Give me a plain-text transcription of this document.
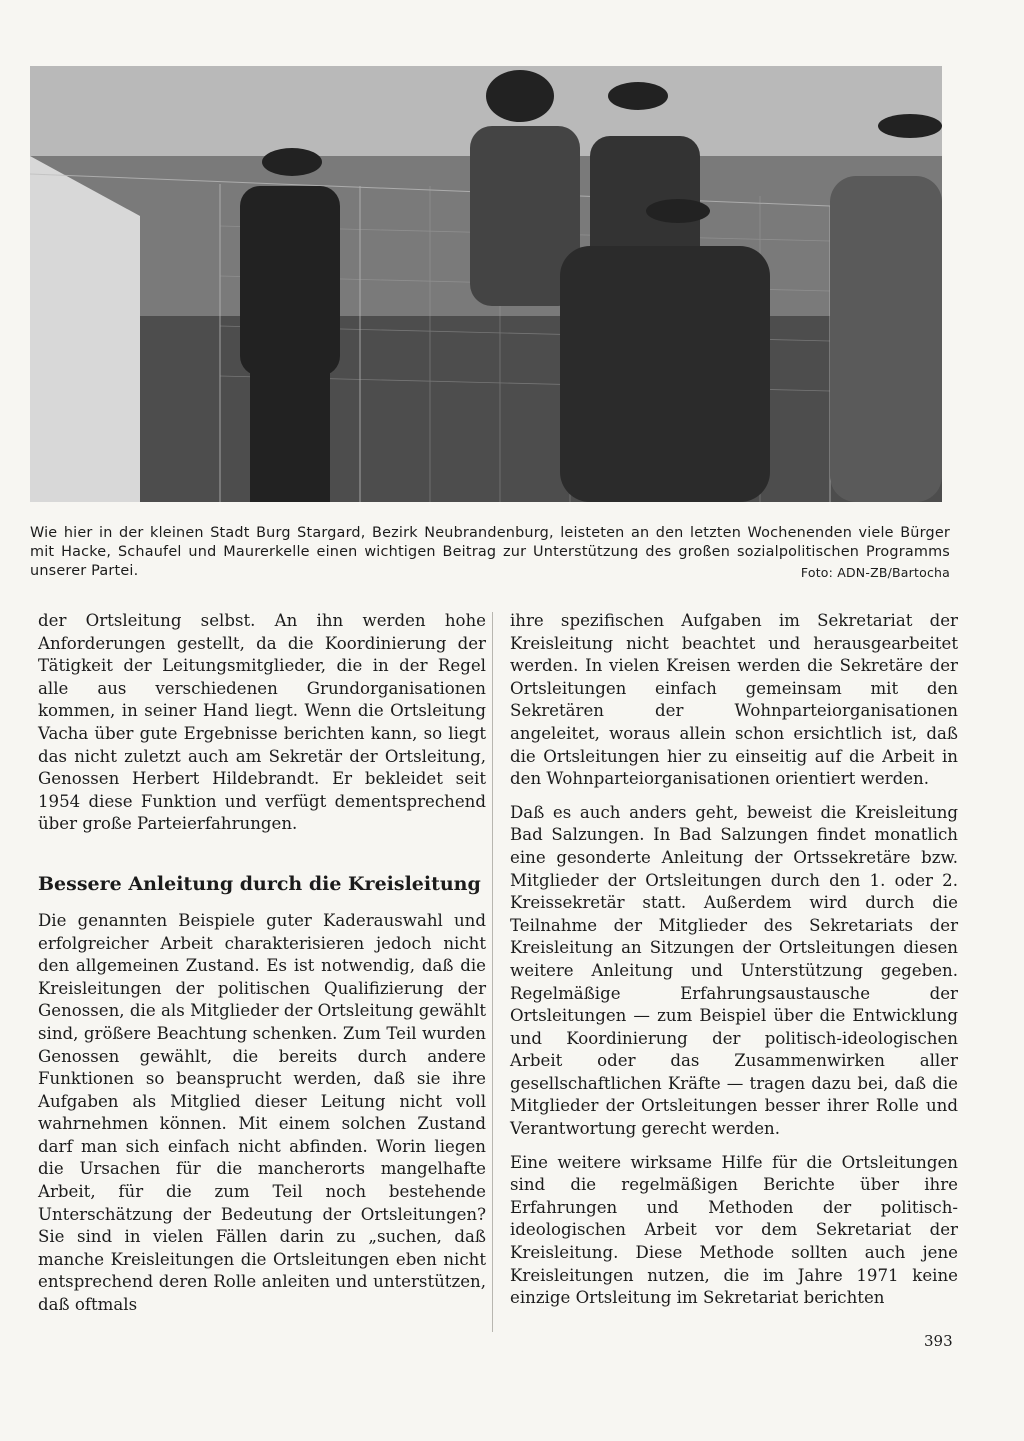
Wie hier in der kleinen Stadt Burg Stargard, Bezirk Neubrandenburg, leisteten an den letzten Wochenenden viele Bürger mit Hacke, Schaufel und Maurerkelle einen wichtigen Beitrag zur Unterstützung des großen sozialpolitischen Programms unserer Partei.	Foto: ADN-ZB/Bartocha

der Ortsleitung selbst. An ihn werden hohe Anforderungen gestellt, da die Koordinierung der Tätigkeit der Leitungsmitglieder, die in der Regel alle aus verschiedenen Grundorganisationen kommen, in seiner Hand liegt. Wenn die Ortsleitung Vacha über gute Ergebnisse berichten kann, so liegt das nicht zuletzt auch am Sekretär der Ortsleitung, Genossen Herbert Hildebrandt. Er bekleidet seit 1954 diese Funktion und verfügt dementsprechend über große Parteierfahrungen.

Bessere Anleitung durch die Kreisleitung

Die genannten Beispiele guter Kaderauswahl und erfolgreicher Arbeit charakterisieren jedoch nicht den allgemeinen Zustand. Es ist notwendig, daß die Kreisleitungen der politischen Qualifizierung der Genossen, die als Mitglieder der Ortsleitung gewählt sind, größere Beachtung schenken. Zum Teil wurden Genossen gewählt, die bereits durch andere Funktionen so beansprucht werden, daß sie ihre Aufgaben als Mitglied dieser Leitung nicht voll wahrnehmen können. Mit einem solchen Zustand darf man sich einfach nicht abfinden. Worin liegen die Ursachen für die mancherorts mangelhafte Arbeit, für die zum Teil noch bestehende Unterschätzung der Bedeutung der Ortsleitungen? Sie sind in vielen Fällen darin zu „suchen, daß manche Kreisleitungen die Ortsleitungen eben nicht entsprechend deren Rolle anleiten und unterstützen, daß oftmals

ihre spezifischen Aufgaben im Sekretariat der Kreisleitung nicht beachtet und herausgearbeitet werden. In vielen Kreisen werden die Sekretäre der Ortsleitungen einfach gemeinsam mit den Sekretären der Wohnparteiorganisationen angeleitet, woraus allein schon ersichtlich ist, daß die Ortsleitungen hier zu einseitig auf die Arbeit in den Wohnparteiorganisationen orientiert werden.

Daß es auch anders geht, beweist die Kreisleitung Bad Salzungen. In Bad Salzungen findet monatlich eine gesonderte Anleitung der Ortssekretäre bzw. Mitglieder der Ortsleitungen durch den 1. oder 2. Kreissekretär statt. Außerdem wird durch die Teilnahme der Mitglieder des Sekretariats der Kreisleitung an Sitzungen der Ortsleitungen diesen weitere Anleitung und Unterstützung gegeben. Regelmäßige Erfahrungsaustausche der Ortsleitungen — zum Beispiel über die Entwicklung und Koordinierung der politisch-ideologischen Arbeit oder das Zusammenwirken aller gesellschaftlichen Kräfte — tragen dazu bei, daß die Mitglieder der Ortsleitungen besser ihrer Rolle und Verantwortung gerecht werden.

Eine weitere wirksame Hilfe für die Ortsleitungen sind die regelmäßigen Berichte über ihre Erfahrungen und Methoden der politisch-ideologischen Arbeit vor dem Sekretariat der Kreisleitung. Diese Methode sollten auch jene Kreisleitungen nutzen, die im Jahre 1971 keine einzige Ortsleitung im Sekretariat berichten

393
